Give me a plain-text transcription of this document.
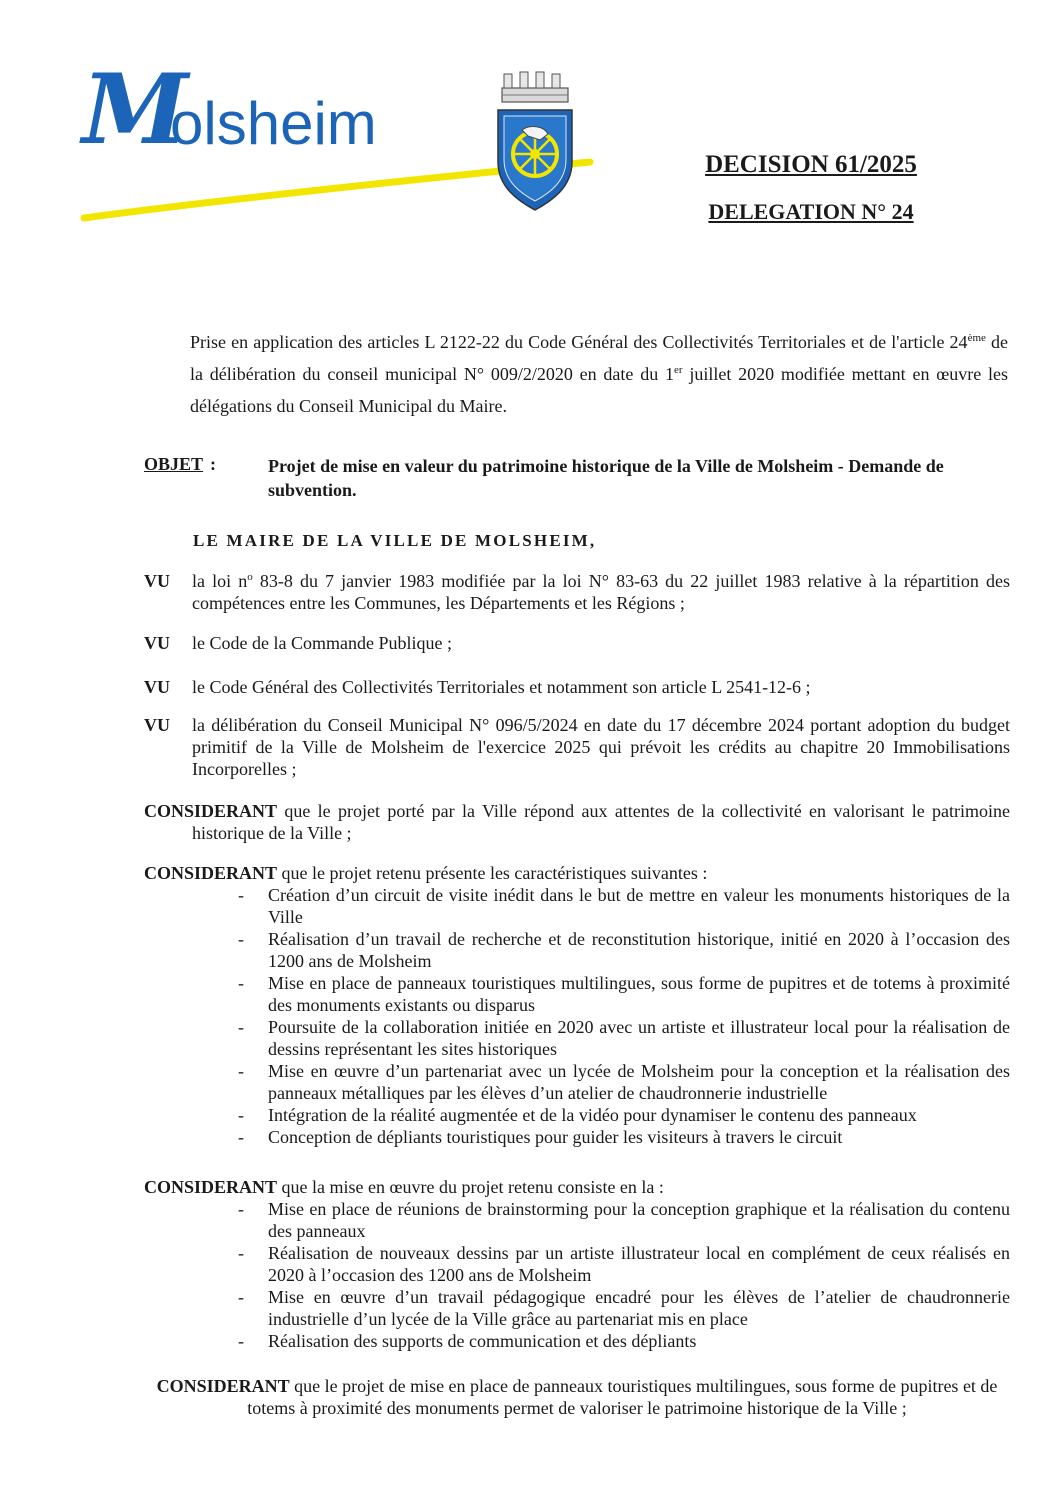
M
olsheim

DECISION 61/2025

DELEGATION N° 24

Prise en application des articles L 2122-22 du Code Général des Collectivités Territoriales et de l'article 24ème de la délibération du conseil municipal N° 009/2/2020 en date du 1er juillet 2020 modifiée mettant en œuvre les délégations du Conseil Municipal du Maire.

OBJET :	Projet de mise en valeur du patrimoine historique de la Ville de Molsheim - Demande de subvention.

LE MAIRE DE LA VILLE DE MOLSHEIM,

VU la loi $n^o$ 83-8 du 7 janvier 1983 modifiée par la loi N° 83-63 du 22 juillet 1983 relative à la répartition des compétences entre les Communes, les Départements et les Régions ;
VU le Code de la Commande Publique ;
VU le Code Général des Collectivités Territoriales et notamment son article L 2541-12-6 ;
VU la délibération du Conseil Municipal N° 096/5/2024 en date du 17 décembre 2024 portant adoption du budget primitif de la Ville de Molsheim de l'exercice 2025 qui prévoit les crédits au chapitre 20 Immobilisations Incorporelles ;

CONSIDERANT que le projet porté par la Ville répond aux attentes de la collectivité en valorisant le patrimoine historique de la Ville ;

CONSIDERANT que le projet retenu présente les caractéristiques suivantes :

- Création d’un circuit de visite inédit dans le but de mettre en valeur les monuments historiques de la Ville
- Réalisation d’un travail de recherche et de reconstitution historique, initié en 2020 à l’occasion des 1200 ans de Molsheim
- Mise en place de panneaux touristiques multilingues, sous forme de pupitres et de totems à proximité des monuments existants ou disparus
- Poursuite de la collaboration initiée en 2020 avec un artiste et illustrateur local pour la réalisation de dessins représentant les sites historiques
- Mise en œuvre d’un partenariat avec un lycée de Molsheim pour la conception et la réalisation des panneaux métalliques par les élèves d’un atelier de chaudronnerie industrielle
- Intégration de la réalité augmentée et de la vidéo pour dynamiser le contenu des panneaux
- Conception de dépliants touristiques pour guider les visiteurs à travers le circuit

CONSIDERANT que la mise en œuvre du projet retenu consiste en la :

- Mise en place de réunions de brainstorming pour la conception graphique et la réalisation du contenu des panneaux
- Réalisation de nouveaux dessins par un artiste illustrateur local en complément de ceux réalisés en 2020 à l’occasion des 1200 ans de Molsheim
- Mise en œuvre d’un travail pédagogique encadré pour les élèves de l’atelier de chaudronnerie industrielle d’un lycée de la Ville grâce au partenariat mis en place
- Réalisation des supports de communication et des dépliants

CONSIDERANT que le projet de mise en place de panneaux touristiques multilingues, sous forme de pupitres et de totems à proximité des monuments permet de valoriser le patrimoine historique de la Ville ;
